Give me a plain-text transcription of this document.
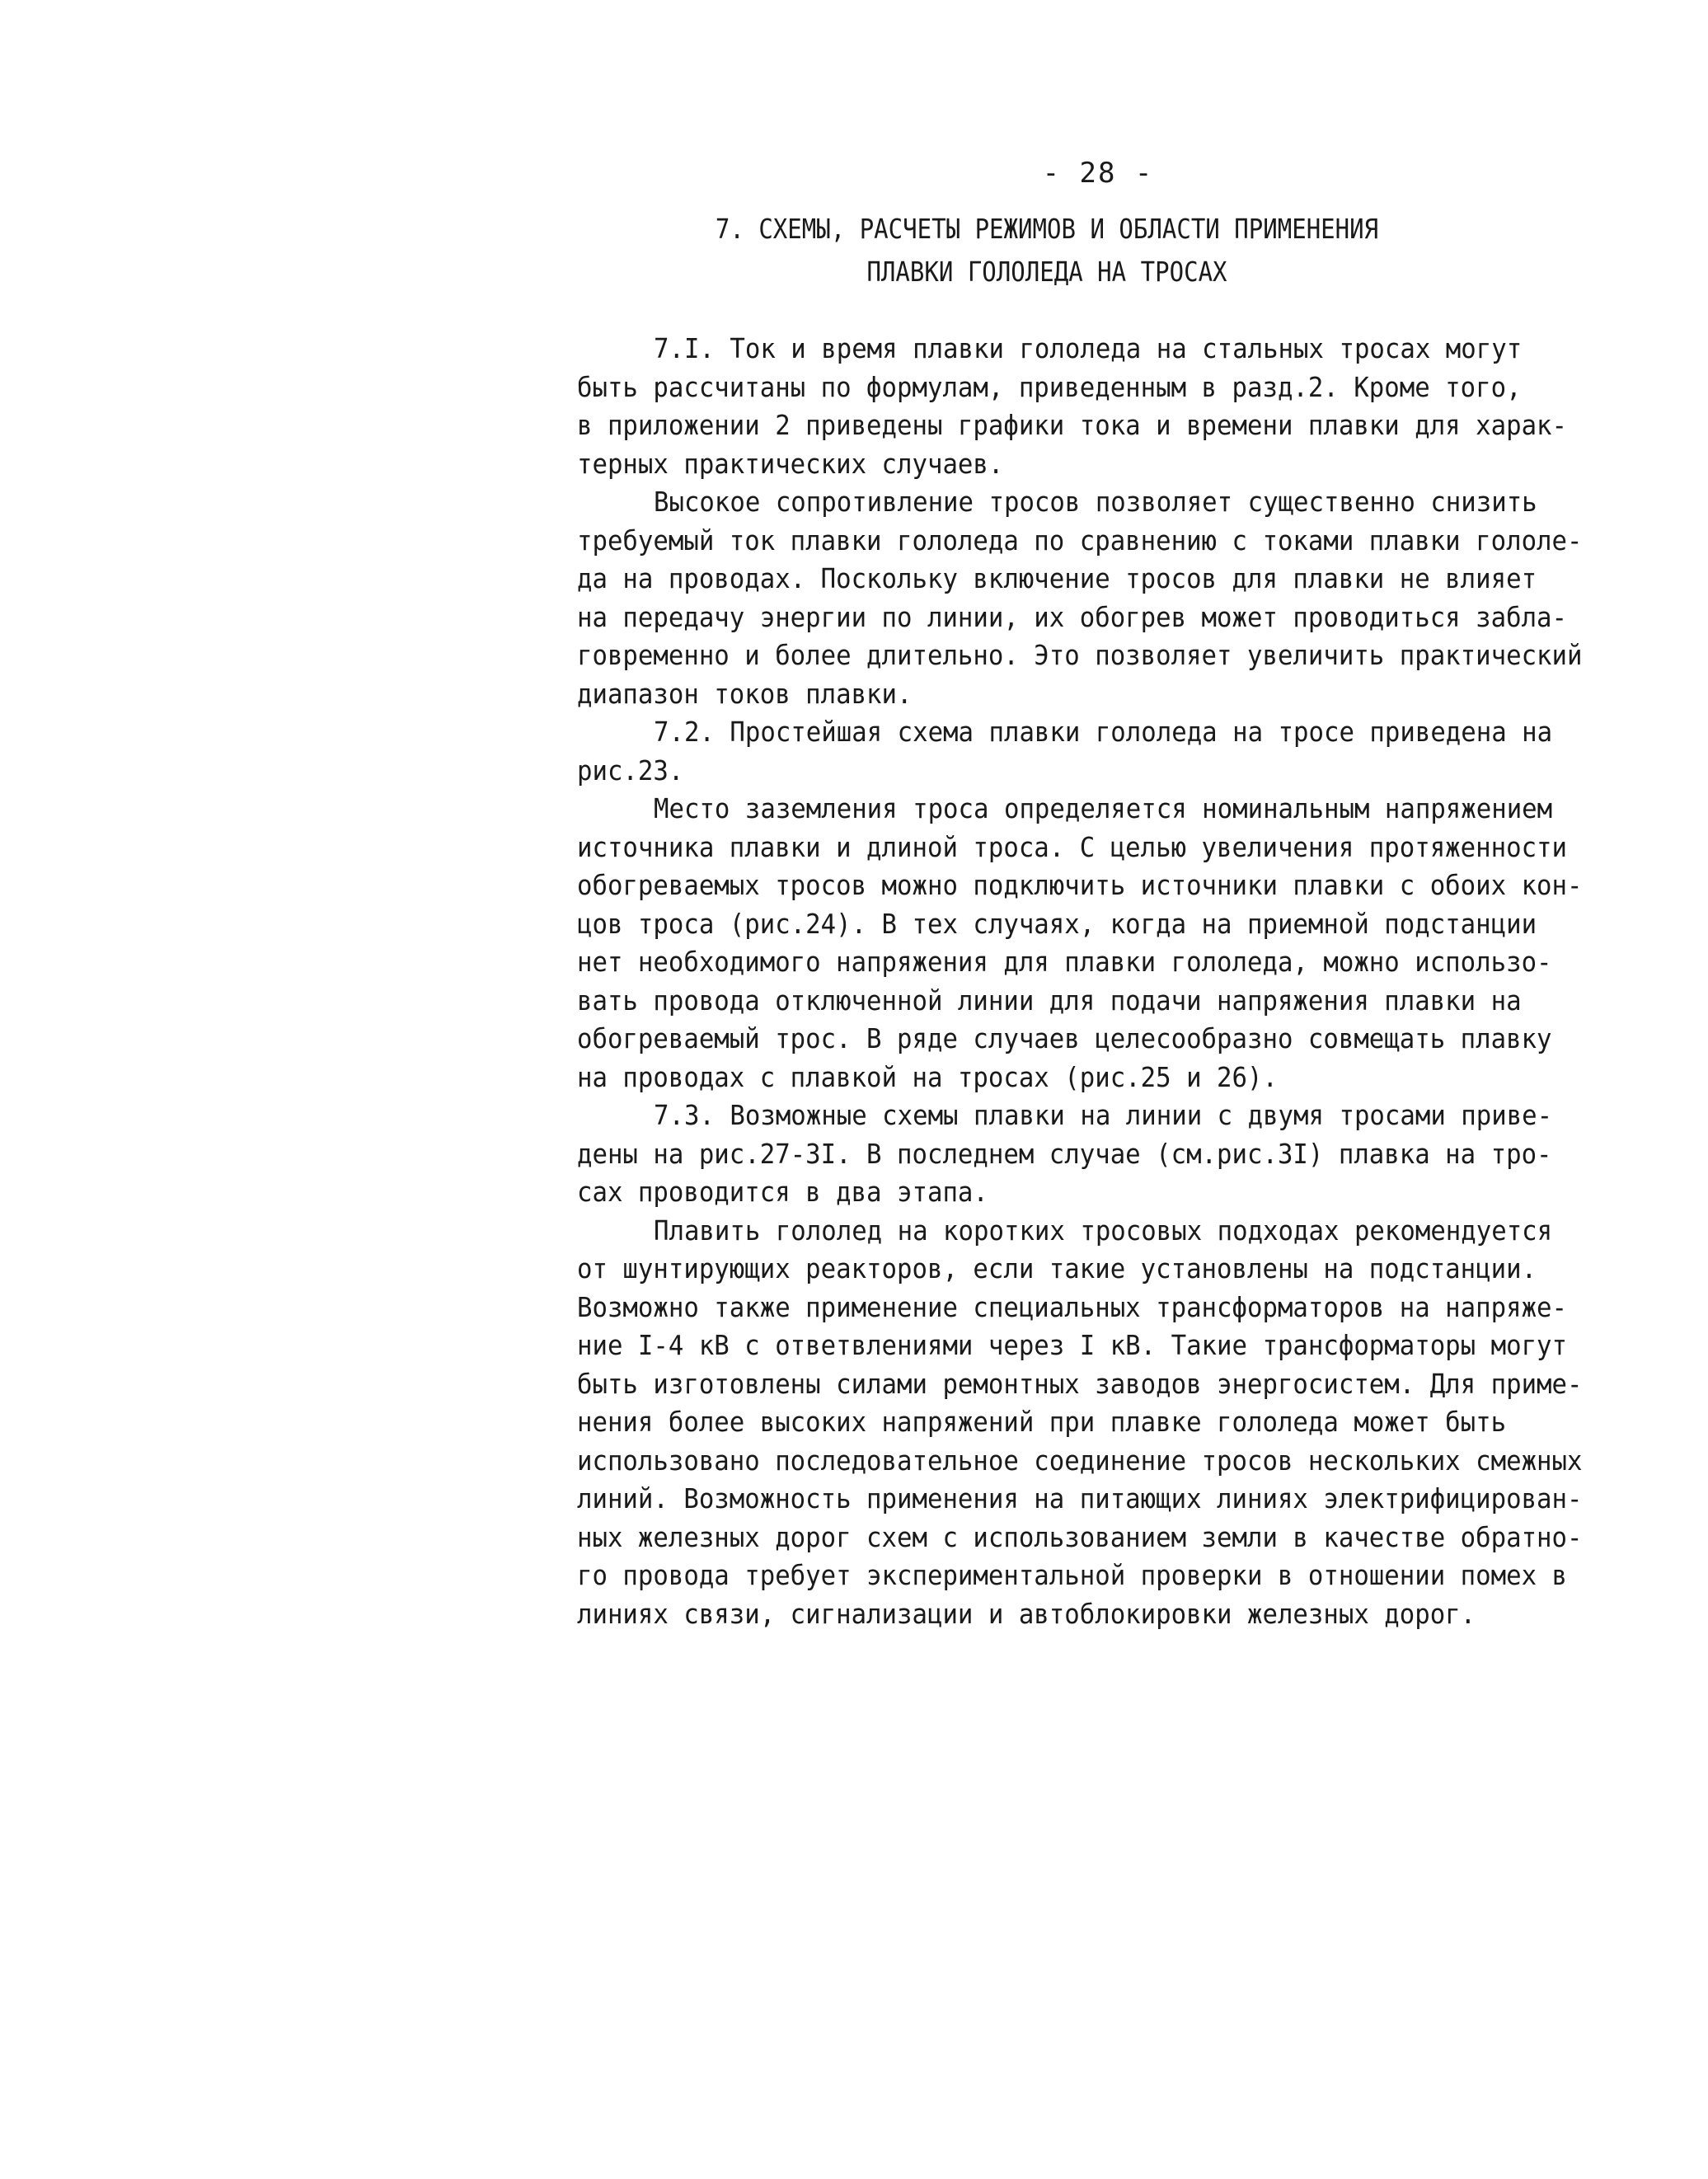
- 28 -
7. СХЕМЫ, РАСЧЕТЫ РЕЖИМОВ И ОБЛАСТИ ПРИМЕНЕНИЯ
ПЛАВКИ ГОЛОЛЕДА НА ТРОСАХ
7.I. Ток и время плавки гололеда на стальных тросах могут
быть рассчитаны по формулам, приведенным в разд.2. Кроме того,
в приложении 2 приведены графики тока и времени плавки для харак-
терных практических случаев.
Высокое сопротивление тросов позволяет существенно снизить
требуемый ток плавки гололеда по сравнению с токами плавки гололе-
да на проводах. Поскольку включение тросов для плавки не влияет
на передачу энергии по линии, их обогрев может проводиться забла-
говременно и более длительно. Это позволяет увеличить практический
диапазон токов плавки.
7.2. Простейшая схема плавки гололеда на тросе приведена на
рис.23.
Место заземления троса определяется номинальным напряжением
источника плавки и длиной троса. С целью увеличения протяженности
обогреваемых тросов можно подключить источники плавки с обоих кон-
цов троса (рис.24). В тех случаях, когда на приемной подстанции
нет необходимого напряжения для плавки гололеда, можно использо-
вать провода отключенной линии для подачи напряжения плавки на
обогреваемый трос. В ряде случаев целесообразно совмещать плавку
на проводах с плавкой на тросах (рис.25 и 26).
7.3. Возможные схемы плавки на линии с двумя тросами приве-
дены на рис.27-3I. В последнем случае (см.рис.3I) плавка на тро-
сах проводится в два этапа.
Плавить гололед на коротких тросовых подходах рекомендуется
от шунтирующих реакторов, если такие установлены на подстанции.
Возможно также применение специальных трансформаторов на напряже-
ние I-4 кВ с ответвлениями через I кВ. Такие трансформаторы могут
быть изготовлены силами ремонтных заводов энергосистем. Для приме-
нения более высоких напряжений при плавке гололеда может быть
использовано последовательное соединение тросов нескольких смежных
линий. Возможность применения на питающих линиях электрифицирован-
ных железных дорог схем с использованием земли в качестве обратно-
го провода требует экспериментальной проверки в отношении помех в
линиях связи, сигнализации и автоблокировки железных дорог.
